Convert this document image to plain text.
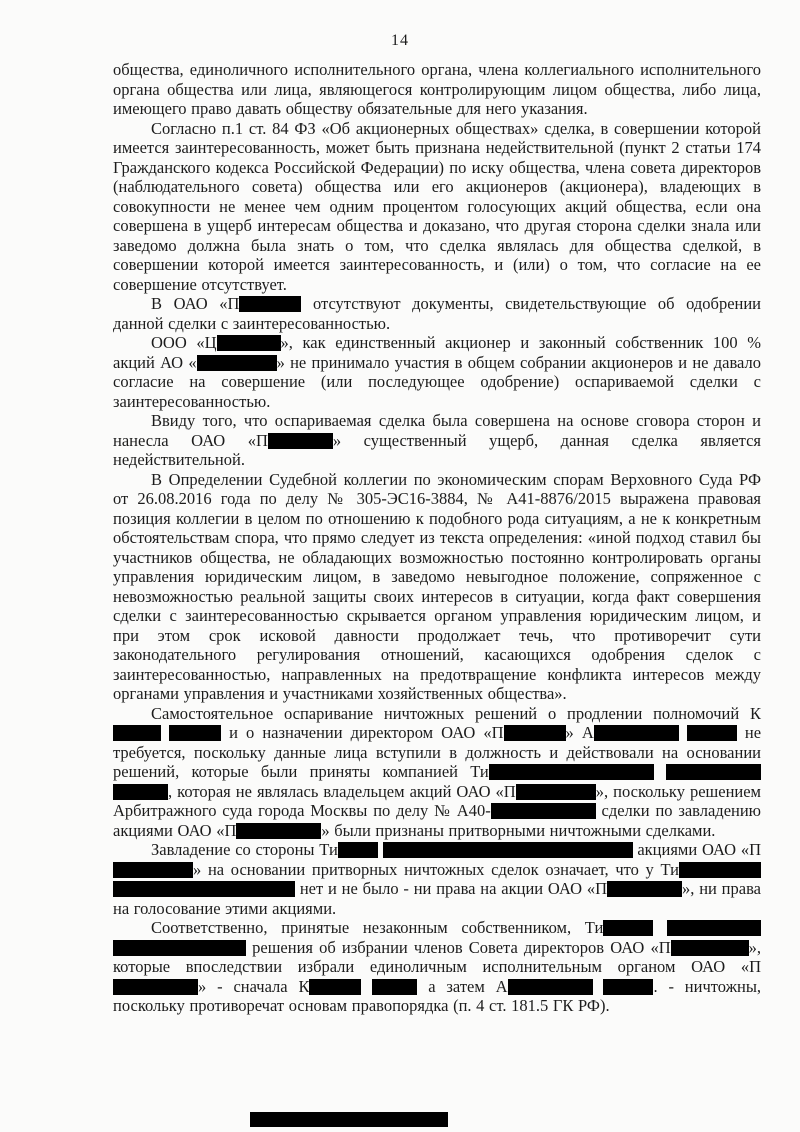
14

общества, единоличного исполнительного органа, члена коллегиального исполнительного органа общества или лица, являющегося контролирующим лицом общества, либо лица, имеющего право давать обществу обязательные для него указания.

Согласно п.1 ст. 84 ФЗ «Об акционерных обществах» сделка, в совершении которой имеется заинтересованность, может быть признана недействительной (пункт 2 статьи 174 Гражданского кодекса Российской Федерации) по иску общества, члена совета директоров (наблюдательного совета) общества или его акционеров (акционера), владеющих в совокупности не менее чем одним процентом голосующих акций общества, если она совершена в ущерб интересам общества и доказано, что другая сторона сделки знала или заведомо должна была знать о том, что сделка являлась для общества сделкой, в совершении которой имеется заинтересованность, и (или) о том, что согласие на ее совершение отсутствует.

В ОАО «П	отсутствуют документы, свидетельствующие об одобрении данной сделки с заинтересованностью.

ООО «Ц	», как единственный акционер и законный собственник 100 % акций АО «	» не принимало участия в общем собрании акционеров и не давало согласие на совершение (или последующее одобрение) оспариваемой сделки с заинтересованностью.

Ввиду того, что оспариваемая сделка была совершена на основе сговора сторон и нанесла ОАО «П	» существенный ущерб, данная сделка является недействительной.

В Определении Судебной коллегии по экономическим спорам Верховного Суда РФ от 26.08.2016 года по делу № 305-ЭС16-3884, № А41-8876/2015 выражена правовая позиция коллегии в целом по отношению к подобного рода ситуациям, а не к конкретным обстоятельствам спора, что прямо следует из текста определения: «иной подход ставил бы участников общества, не обладающих возможностью постоянно контролировать органы управления юридическим лицом, в заведомо невыгодное положение, сопряженное с невозможностью реальной защиты своих интересов в ситуации, когда факт совершения сделки с заинтересованностью скрывается органом управления юридическим лицом, и при этом срок исковой давности продолжает течь, что противоречит сути законодательного регулирования отношений, касающихся одобрения сделок с заинтересованностью, направленных на предотвращение конфликта интересов между органами управления и участниками хозяйственных общества».

Самостоятельное оспаривание ничтожных решений о продлении полномочий К  и о назначении директором ОАО «П	» А	не требуется, поскольку данные лица вступили в должность и действовали на основании решений, которые были приняты компанией Ти  , которая не являлась владельцем акций ОАО «П	», поскольку решением Арбитражного суда города Москвы по делу № А40-	сделки по завладению акциями ОАО «П	» были признаны притворными ничтожными сделками.

Завладение со стороны Ти	акциями ОАО «П» на основании притворных ничтожных сделок означает, что у Ти  нет и не было - ни права на акции ОАО «П	», ни права на голосование этими акциями.

Соответственно, принятые незаконным собственником, Ти   решения об избрании членов Совета директоров ОАО «П	», которые впоследствии избрали единоличным исполнительным органом ОАО «П» - сначала К	а затем А	. - ничтожны, поскольку противоречат основам правопорядка (п. 4 ст. 181.5 ГК РФ).
